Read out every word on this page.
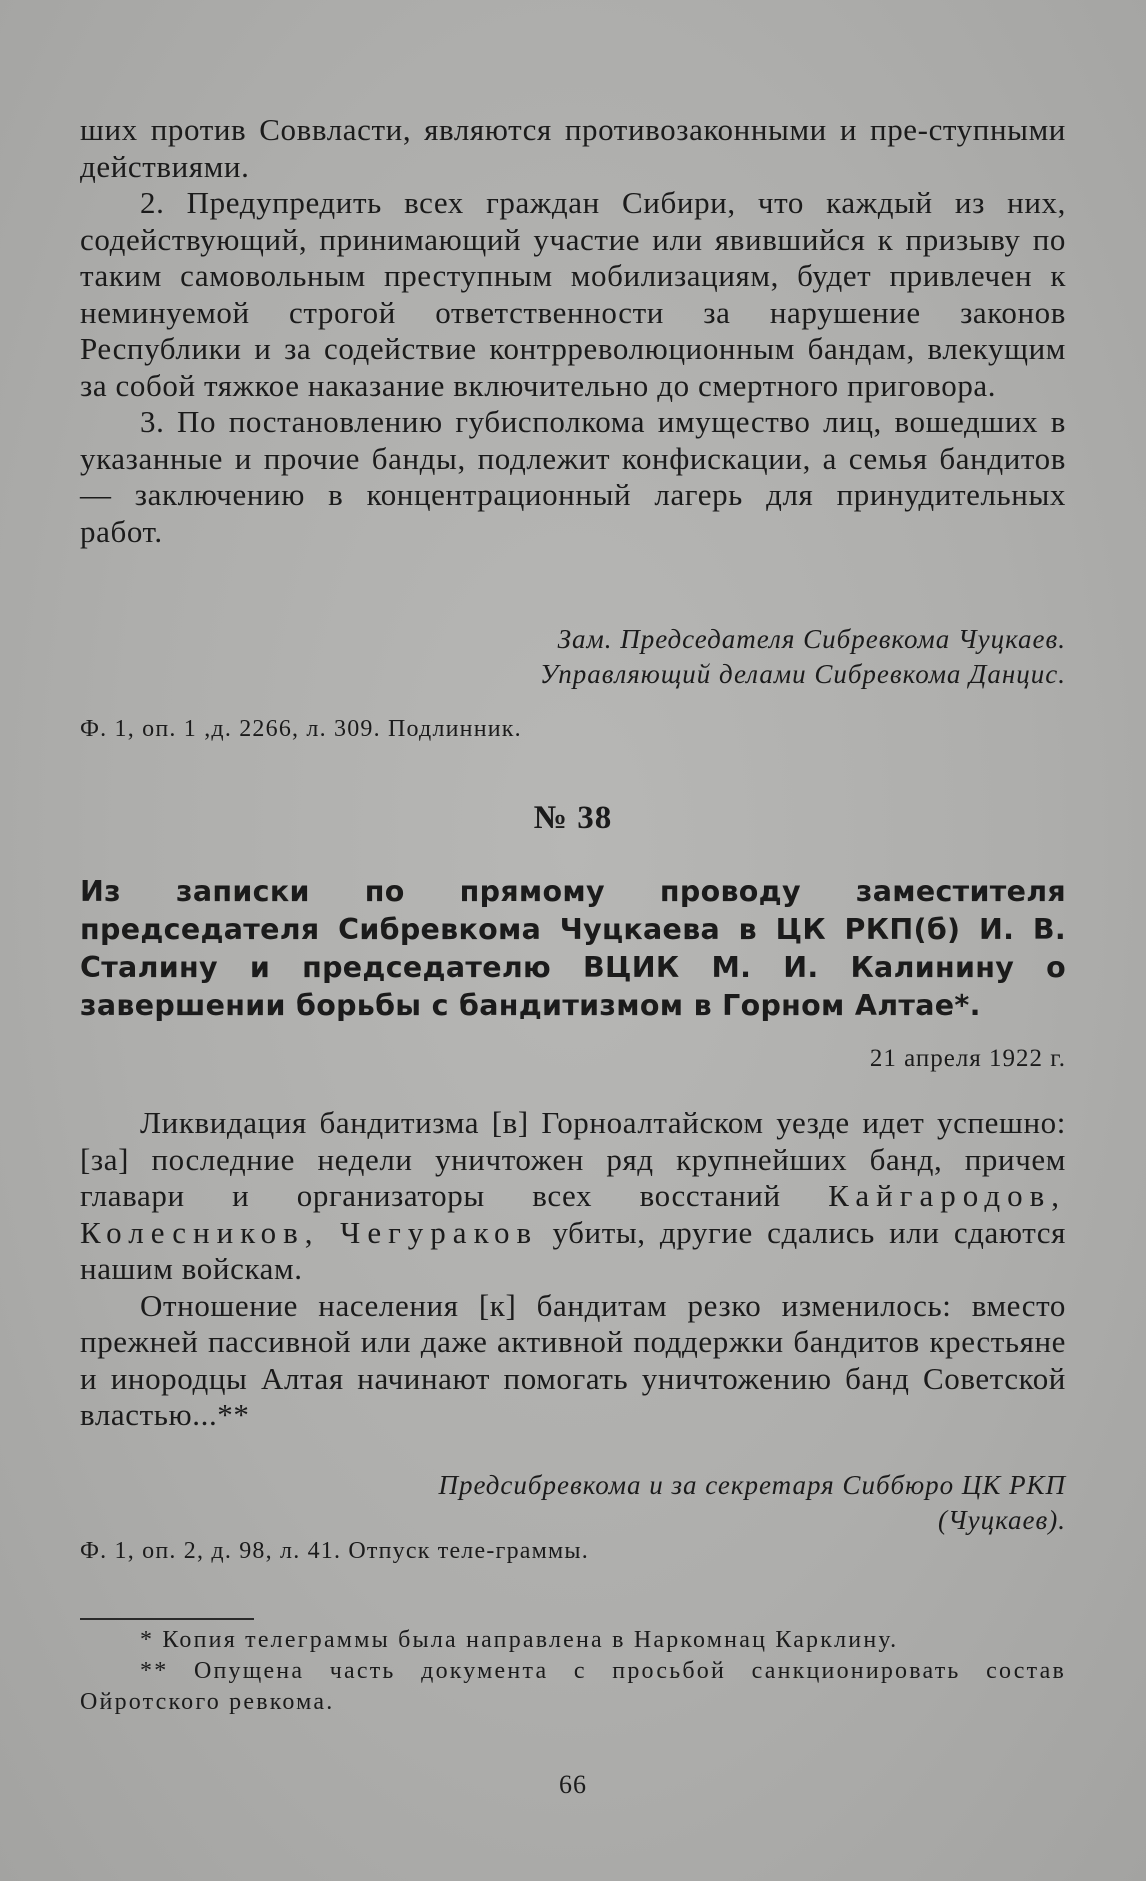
ших против Соввласти, являются противозаконными и пре-ступными действиями.

2. Предупредить всех граждан Сибири, что каждый из них, содействующий, принимающий участие или явившийся к призыву по таким самовольным преступным мобилизациям, будет привлечен к неминуемой строгой ответственности за нарушение законов Республики и за содействие контрреволюционным бандам, влекущим за собой тяжкое наказание включительно до смертного приговора.

3. По постановлению губисполкома имущество лиц, вошедших в указанные и прочие банды, подлежит конфискации, а семья бандитов — заключению в концентрационный лагерь для принудительных работ.

Зам. Председателя Сибревкома Чуцкаев.

Управляющий делами Сибревкома Данцис.

Ф. 1, оп. 1 ,д. 2266, л. 309. Подлинник.

№ 38

Из записки по прямому проводу заместителя председателя Сибревкома Чуцкаева в ЦК РКП(б) И. В. Сталину и председателю ВЦИК М. И. Калинину о завершении борьбы с бандитизмом в Горном Алтае*.

21 апреля 1922 г.

Ликвидация бандитизма [в] Горноалтайском уезде идет успешно: [за] последние недели уничтожен ряд крупнейших банд, причем главари и организаторы всех восстаний Кайгародов, Колесников, Чегураков убиты, другие сдались или сдаются нашим войскам.

Отношение населения [к] бандитам резко изменилось: вместо прежней пассивной или даже активной поддержки бандитов крестьяне и инородцы Алтая начинают помогать уничтожению банд Советской властью...**

Предсибревкома и за секретаря Сиббюро ЦК РКП

(Чуцкаев).

Ф. 1, оп. 2, д. 98, л. 41. Отпуск теле-граммы.

* Копия телеграммы была направлена в Наркомнац Карклину.

** Опущена часть документа с просьбой санкционировать состав Ойротского ревкома.

66
